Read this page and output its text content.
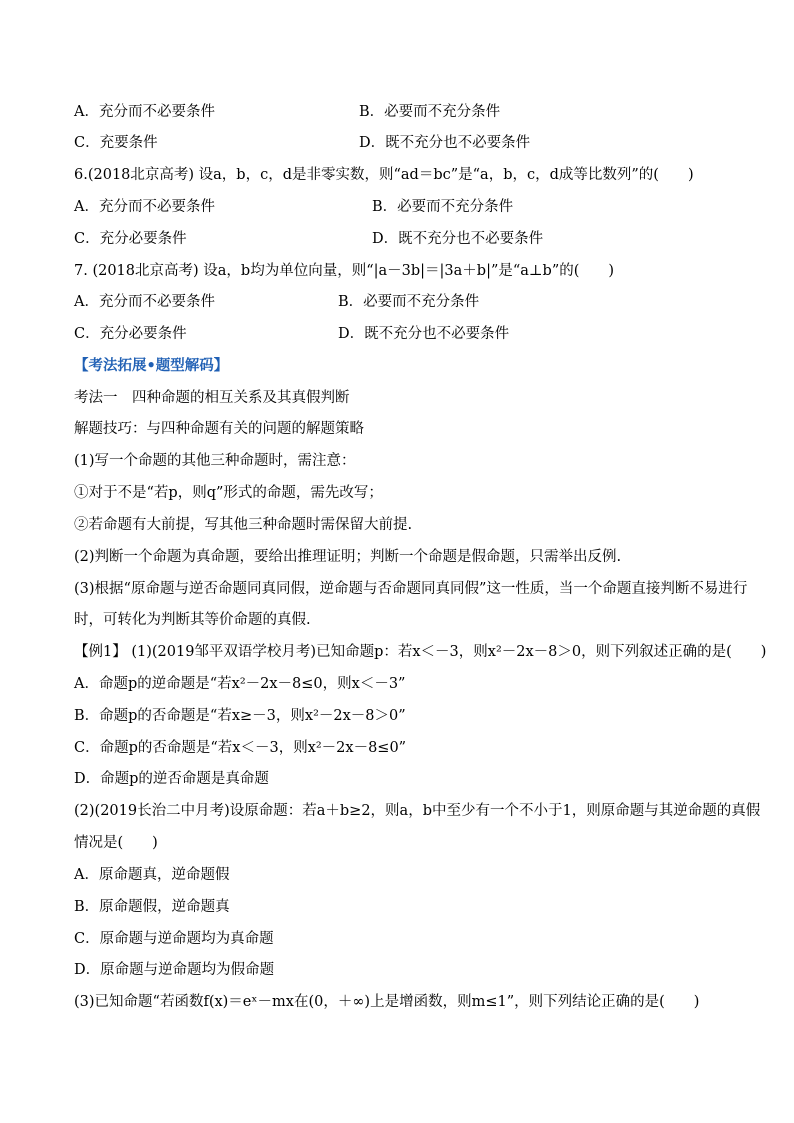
A．充分而不必要条件	B．必要而不充分条件
C．充要条件	D．既不充分也不必要条件
6.(2018北京高考) 设a，b，c，d是非零实数，则“ad＝bc”是“a，b，c，d成等比数列”的(　　)
A．充分而不必要条件	B．必要而不充分条件
C．充分必要条件	D．既不充分也不必要条件
7. (2018北京高考) 设a，b均为单位向量，则“|a－3b|＝|3a＋b|”是“a⊥b”的(　　)
A．充分而不必要条件	B．必要而不充分条件
C．充分必要条件	D．既不充分也不必要条件
【考法拓展•题型解码】
考法一　四种命题的相互关系及其真假判断
解题技巧：与四种命题有关的问题的解题策略
(1)写一个命题的其他三种命题时，需注意：
①对于不是“若p，则q”形式的命题，需先改写；
②若命题有大前提，写其他三种命题时需保留大前提.
(2)判断一个命题为真命题，要给出推理证明；判断一个命题是假命题，只需举出反例.
(3)根据“原命题与逆否命题同真同假，逆命题与否命题同真同假”这一性质，当一个命题直接判断不易进行
时，可转化为判断其等价命题的真假.
【例1】 (1)(2019邹平双语学校月考)已知命题p：若x＜－3，则x²－2x－8＞0，则下列叙述正确的是(　　)
A．命题p的逆命题是“若x²－2x－8≤0，则x＜－3”
B．命题p的否命题是“若x≥－3，则x²－2x－8＞0”
C．命题p的否命题是“若x＜－3，则x²－2x－8≤0”
D．命题p的逆否命题是真命题
(2)(2019长治二中月考)设原命题：若a＋b≥2，则a，b中至少有一个不小于1，则原命题与其逆命题的真假
情况是(　　)
A．原命题真，逆命题假
B．原命题假，逆命题真
C．原命题与逆命题均为真命题
D．原命题与逆命题均为假命题
(3)已知命题“若函数f(x)＝eˣ－mx在(0，＋∞)上是增函数，则m≤1”，则下列结论正确的是(　　)
